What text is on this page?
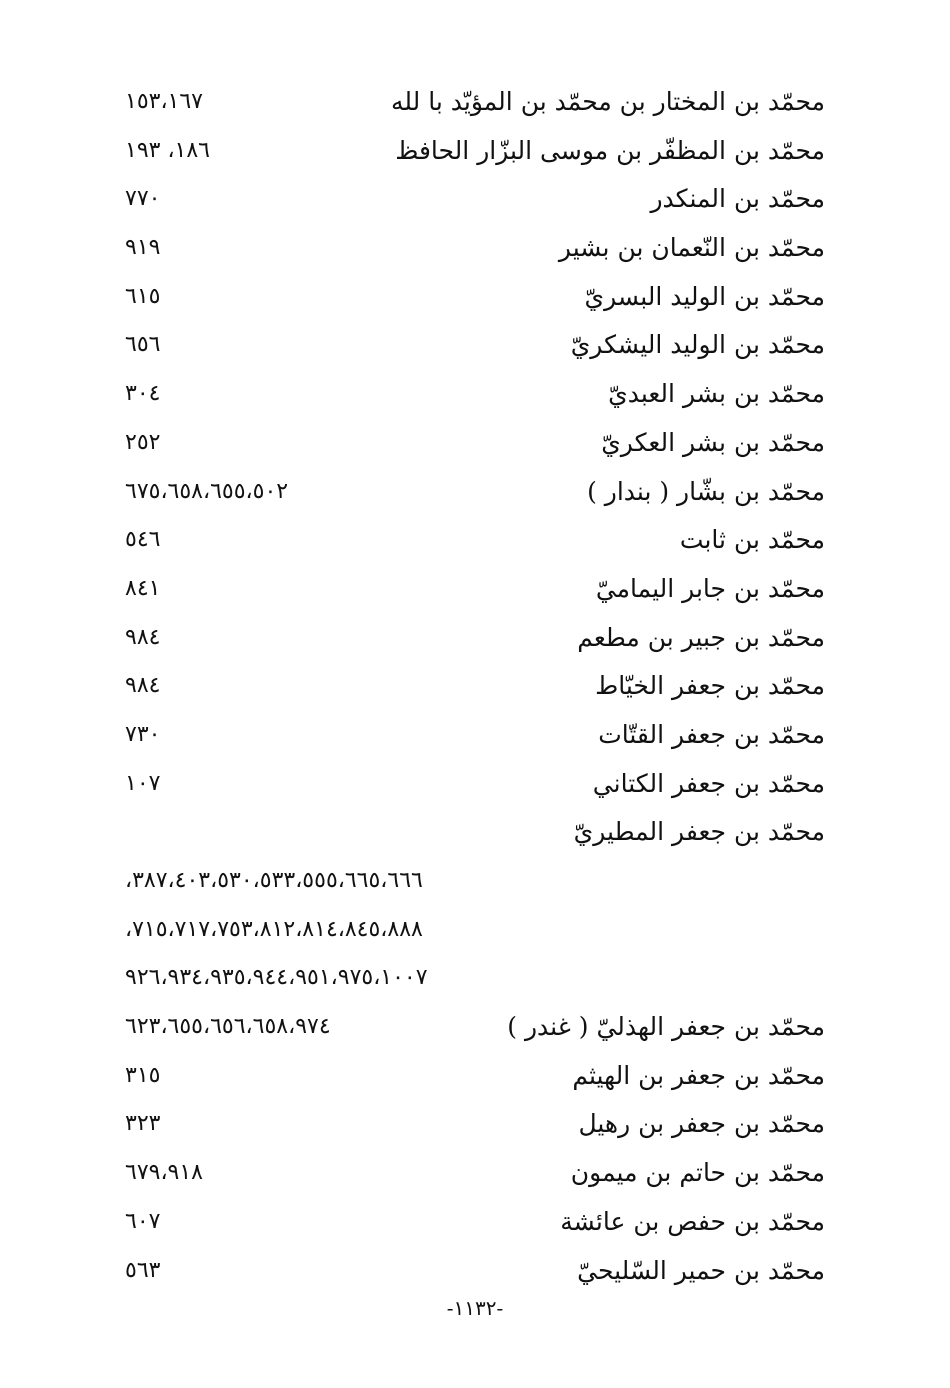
محمّد بن المختار بن محمّد بن المؤيّد با لله
١٥٣،١٦٧
محمّد بن المظفّر بن موسى البزّار الحافظ
١٨٦، ١٩٣
محمّد بن المنكدر
٧٧٠
محمّد بن النّعمان بن بشير
٩١٩
محمّد بن الوليد البسريّ
٦١٥
محمّد بن الوليد اليشكريّ
٦٥٦
محمّد بن بشر العبديّ
٣٠٤
محمّد بن بشر العكريّ
٢٥٢
محمّد بن بشّار ( بندار )
٦٧٥،٦٥٨،٦٥٥،٥٠٢
محمّد بن ثابت
٥٤٦
محمّد بن جابر اليماميّ
٨٤١
محمّد بن جبير بن مطعم
٩٨٤
محمّد بن جعفر الخيّاط
٩٨٤
محمّد بن جعفر القتّات
٧٣٠
محمّد بن جعفر الكتاني
١٠٧
محمّد بن جعفر المطيريّ
٣٨٧،٤٠٣،٥٣٠،٥٣٣،٥٥٥،٦٦٥،٦٦٦،
٧١٥،٧١٧،٧٥٣،٨١٢،٨١٤،٨٤٥،٨٨٨،
٩٢٦،٩٣٤،٩٣٥،٩٤٤،٩٥١،٩٧٥،١٠٠٧
محمّد بن جعفر الهذليّ ( غندر )
٦٢٣،٦٥٥،٦٥٦،٦٥٨،٩٧٤
محمّد بن جعفر بن الهيثم
٣١٥
محمّد بن جعفر بن رهيل
٣٢٣
محمّد بن حاتم بن ميمون
٦٧٩،٩١٨
محمّد بن حفص بن عائشة
٦٠٧
محمّد بن حمير السّليحيّ
٥٦٣
-١١٣٢-
